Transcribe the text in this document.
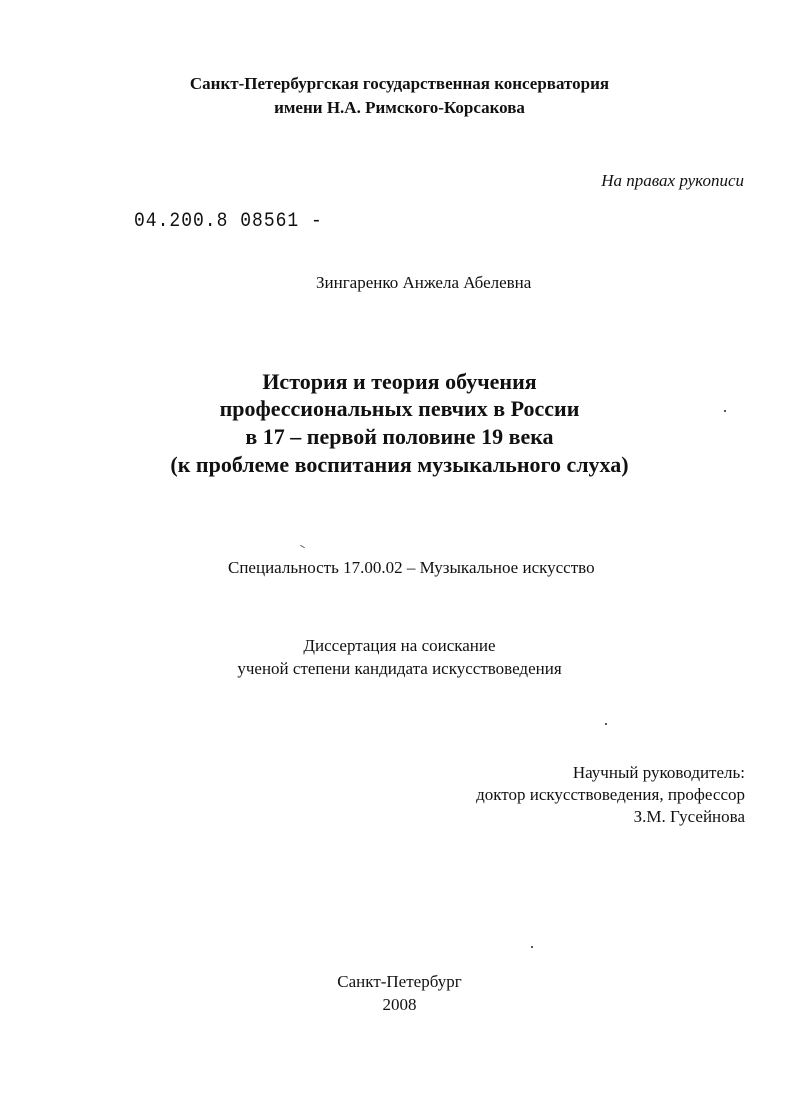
Санкт-Петербургская государственная консерватория
имени Н.А. Римского-Корсакова
На правах рукописи
04.200.8 08561 -
Зингаренко Анжела Абелевна
История и теория обучения
профессиональных певчих в России
в 17 – первой половине 19 века
(к проблеме воспитания музыкального слуха)
Специальность 17.00.02 – Музыкальное искусство
Диссертация на соискание
ученой степени кандидата искусствоведения
Научный руководитель:
доктор искусствоведения, профессор
З.М. Гусейнова
Санкт-Петербург
2008
